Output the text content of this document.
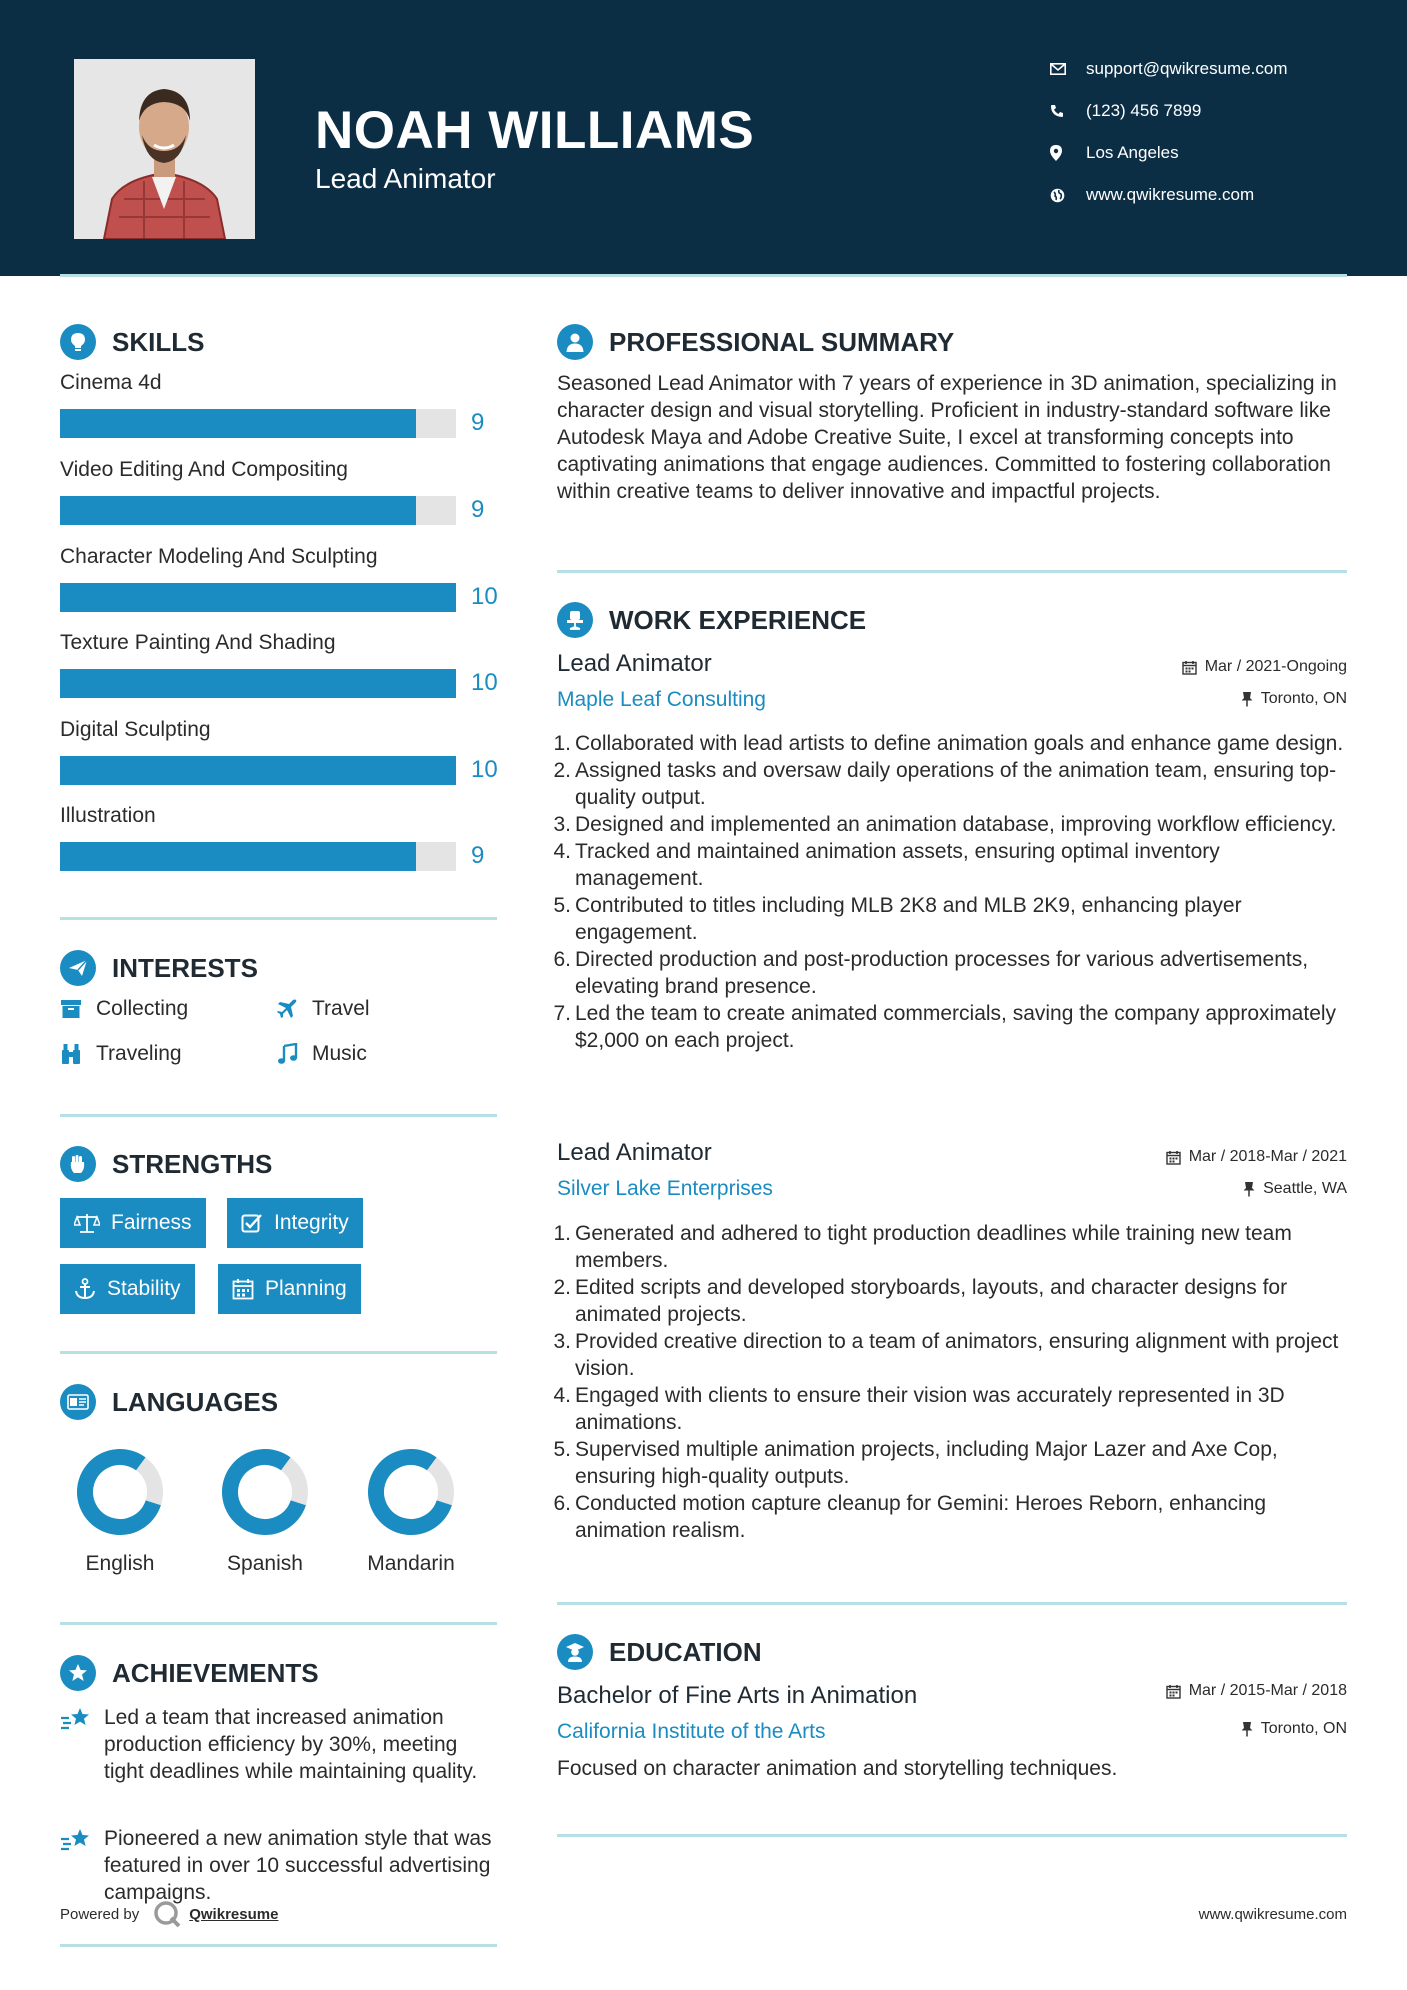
NOAH WILLIAMS
Lead Animator
support@qwikresume.com
(123) 456 7899
Los Angeles
www.qwikresume.com
SKILLS
Cinema 4d
9
Video Editing And Compositing
9
Character Modeling And Sculpting
10
Texture Painting And Shading
10
Digital Sculpting
10
Illustration
9
INTERESTS
Collecting	Travel
Traveling	Music
STRENGTHS
Fairness	Integrity
Stability	Planning
LANGUAGES
English	Spanish	Mandarin
ACHIEVEMENTS
Led a team that increased animation production efficiency by 30%, meeting tight deadlines while maintaining quality.
Pioneered a new animation style that was featured in over 10 successful advertising campaigns.
PROFESSIONAL SUMMARY
Seasoned Lead Animator with 7 years of experience in 3D animation, specializing in character design and visual storytelling. Proficient in industry-standard software like Autodesk Maya and Adobe Creative Suite, I excel at transforming concepts into captivating animations that engage audiences. Committed to fostering collaboration within creative teams to deliver innovative and impactful projects.
WORK EXPERIENCE
Lead Animator
Maple Leaf Consulting
Mar / 2021-Ongoing
Toronto, ON
1. Collaborated with lead artists to define animation goals and enhance game design.
2. Assigned tasks and oversaw daily operations of the animation team, ensuring top-quality output.
3. Designed and implemented an animation database, improving workflow efficiency.
4. Tracked and maintained animation assets, ensuring optimal inventory management.
5. Contributed to titles including MLB 2K8 and MLB 2K9, enhancing player engagement.
6. Directed production and post-production processes for various advertisements, elevating brand presence.
7. Led the team to create animated commercials, saving the company approximately $2,000 on each project.
Lead Animator
Silver Lake Enterprises
Mar / 2018-Mar / 2021
Seattle, WA
1. Generated and adhered to tight production deadlines while training new team members.
2. Edited scripts and developed storyboards, layouts, and character designs for animated projects.
3. Provided creative direction to a team of animators, ensuring alignment with project vision.
4. Engaged with clients to ensure their vision was accurately represented in 3D animations.
5. Supervised multiple animation projects, including Major Lazer and Axe Cop, ensuring high-quality outputs.
6. Conducted motion capture cleanup for Gemini: Heroes Reborn, enhancing animation realism.
EDUCATION
Bachelor of Fine Arts in Animation
California Institute of the Arts
Mar / 2015-Mar / 2018
Toronto, ON
Focused on character animation and storytelling techniques.
Powered by	Qwikresume	www.qwikresume.com
